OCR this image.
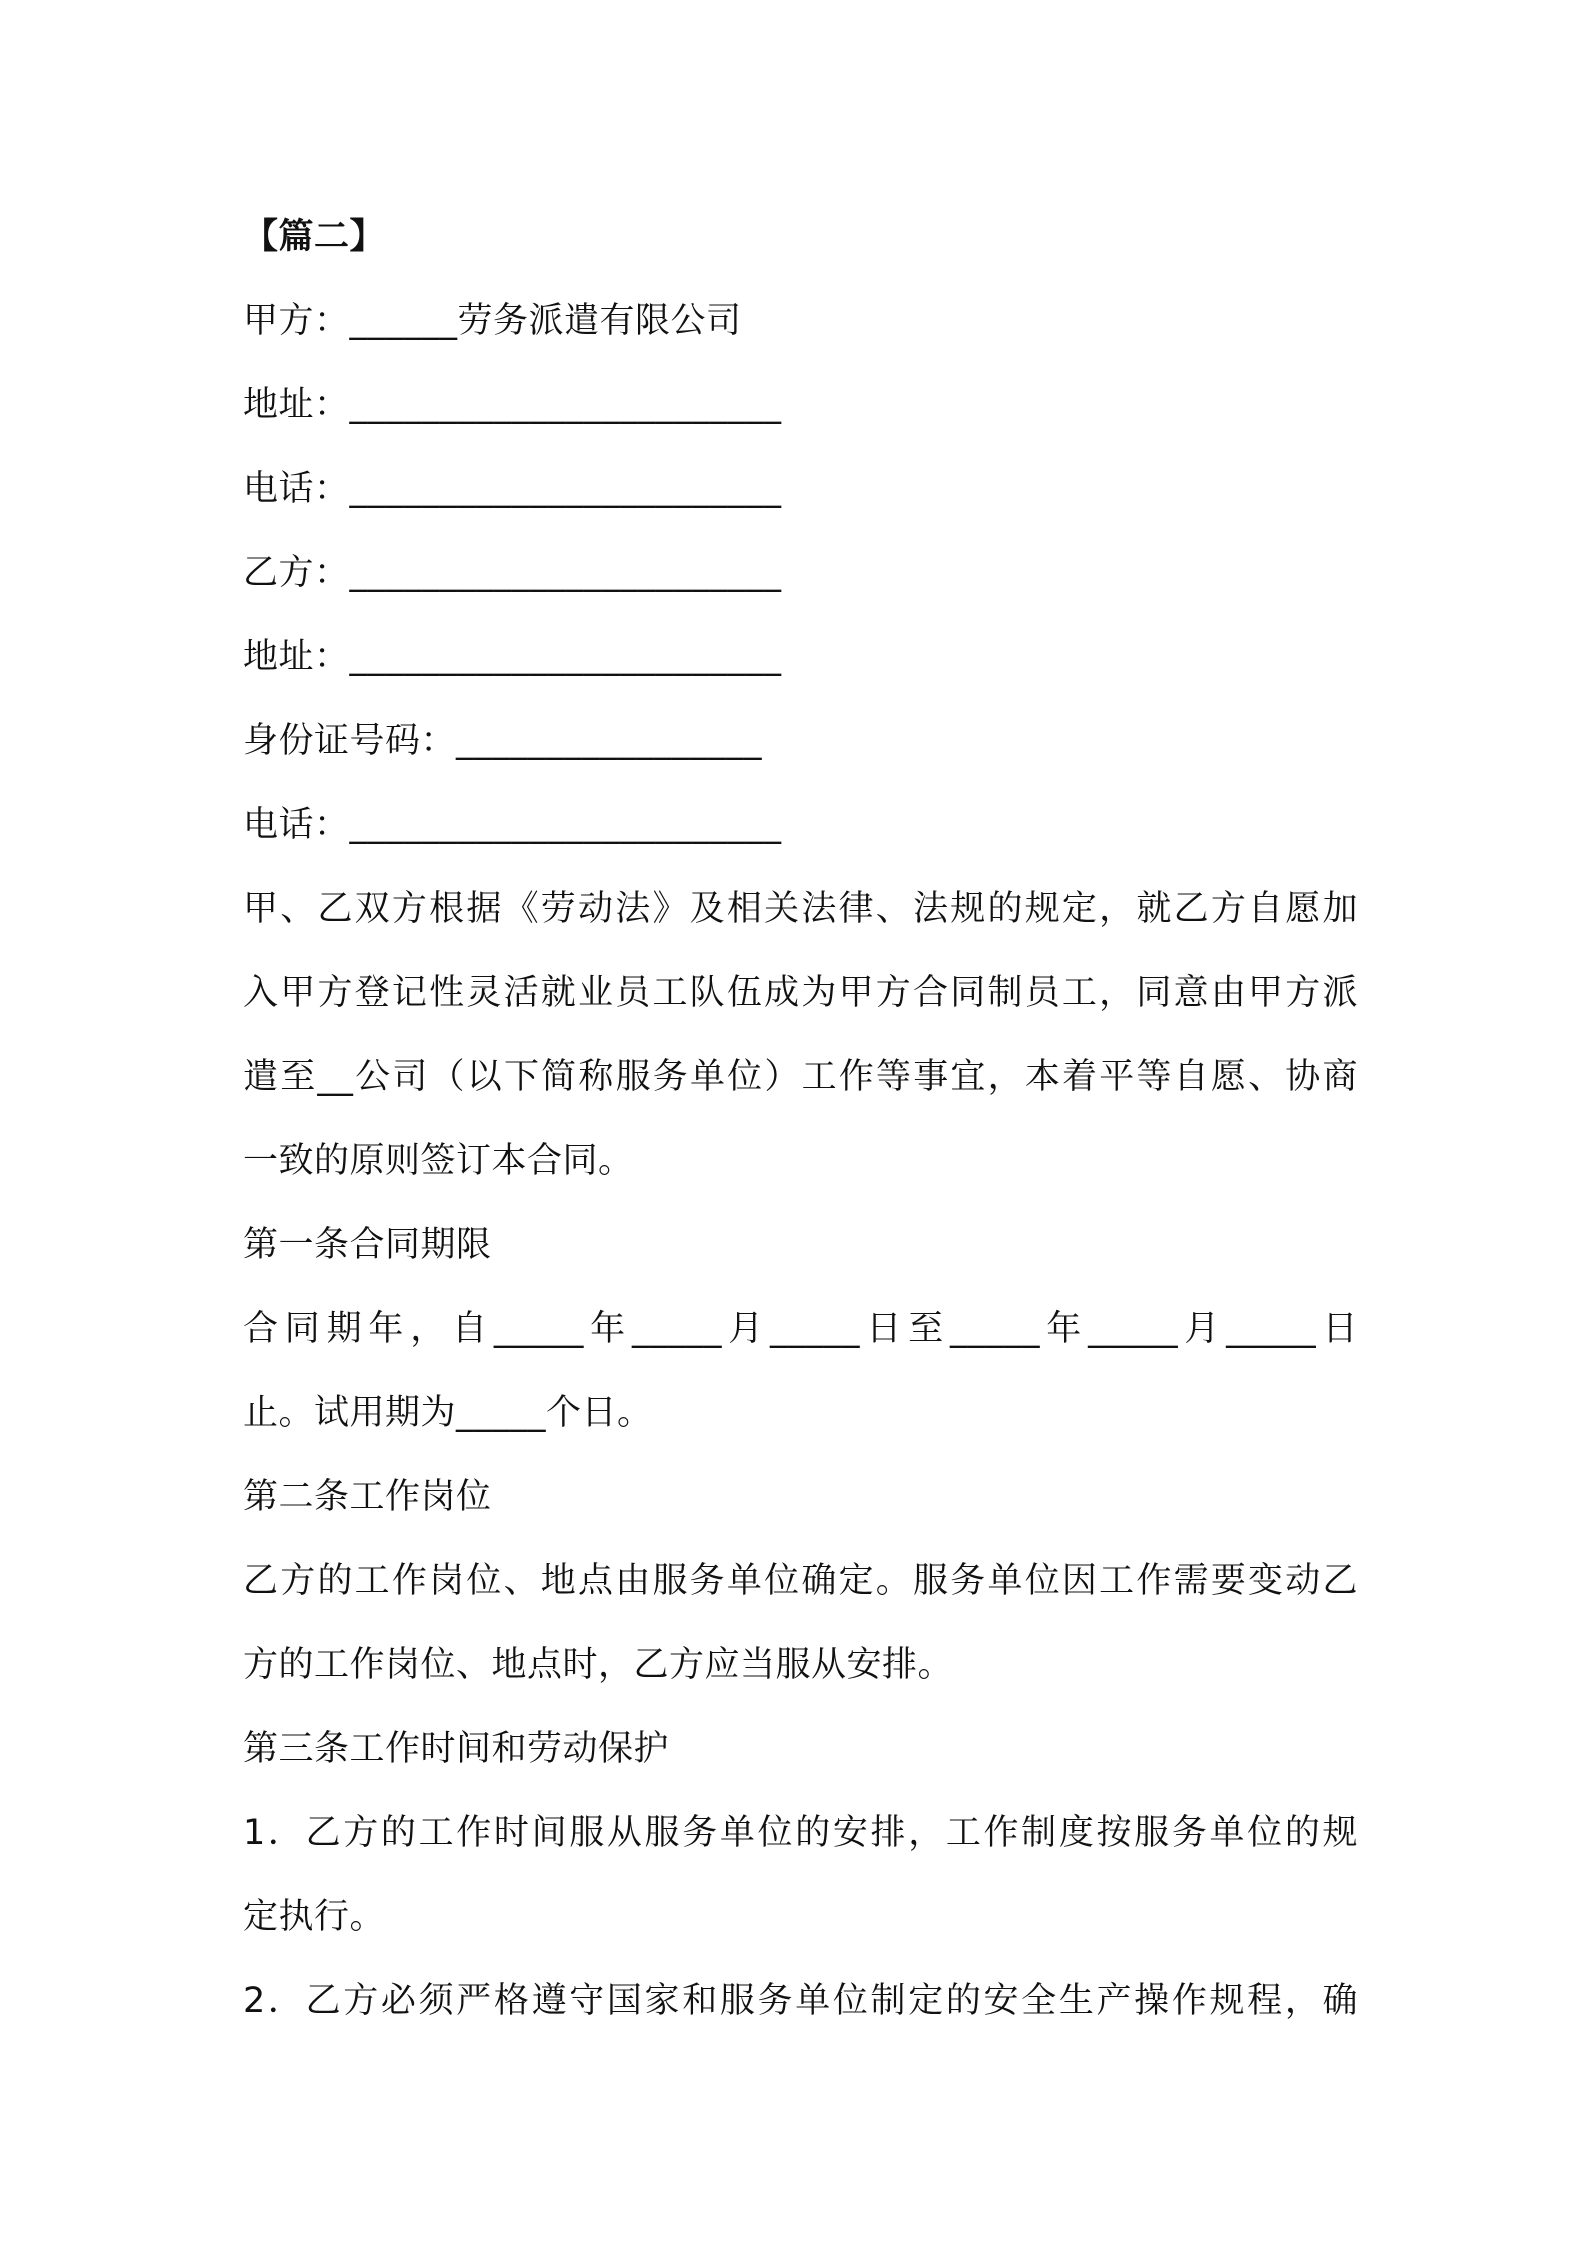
【篇二】
甲方：______劳务派遣有限公司
地址：________________________
电话：________________________
乙方：________________________
地址：________________________
身份证号码：_________________
电话：________________________
甲、乙双方根据《劳动法》及相关法律、法规的规定，就乙方自愿加
入甲方登记性灵活就业员工队伍成为甲方合同制员工，同意由甲方派
遣至__公司（以下简称服务单位）工作等事宜，本着平等自愿、协商
一致的原则签订本合同。
第一条合同期限
合同期年，自_____年_____月_____日至_____年_____月_____日
止。试用期为_____个日。
第二条工作岗位
乙方的工作岗位、地点由服务单位确定。服务单位因工作需要变动乙
方的工作岗位、地点时，乙方应当服从安排。
第三条工作时间和劳动保护
1．乙方的工作时间服从服务单位的安排，工作制度按服务单位的规
定执行。
2．乙方必须严格遵守国家和服务单位制定的安全生产操作规程，确
